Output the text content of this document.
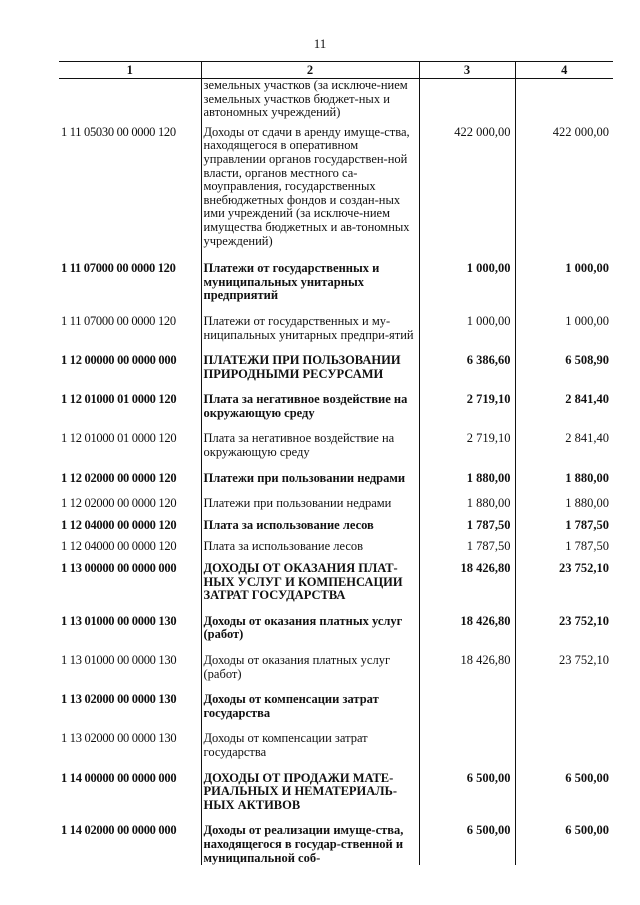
11
1	2	3	4
	земельных участков (за исключе-нием земельных участков бюджет-ных и автономных учреждений)		

1 11 05030 00 0000 120	Доходы от сдачи в аренду имуще-ства, находящегося в оперативном управлении органов государствен-ной власти, органов местного са-моуправления, государственных внебюджетных фондов и создан-ных ими учреждений (за исключе-нием имущества бюджетных и ав-тономных учреждений)	422 000,00	422 000,00

1 11 07000 00 0000 120	Платежи от государственных и муниципальных унитарных предприятий	1 000,00	1 000,00

1 11 07000 00 0000 120	Платежи от государственных и му-ниципальных унитарных предпри-ятий	1 000,00	1 000,00

1 12 00000 00 0000 000	ПЛАТЕЖИ ПРИ ПОЛЬЗОВАНИИ ПРИРОДНЫМИ РЕСУРСАМИ	6 386,60	6 508,90

1 12 01000 01 0000 120	Плата за негативное воздействие на окружающую среду	2 719,10	2 841,40

1 12 01000 01 0000 120	Плата за негативное воздействие на окружающую среду	2 719,10	2 841,40

1 12 02000 00 0000 120	Платежи при пользовании недрами	1 880,00	1 880,00

1 12 02000 00 0000 120	Платежи при пользовании недрами	1 880,00	1 880,00

1 12 04000 00 0000 120	Плата за использование лесов	1 787,50	1 787,50

1 12 04000 00 0000 120	Плата за использование лесов	1 787,50	1 787,50

1 13 00000 00 0000 000	ДОХОДЫ ОТ ОКАЗАНИЯ ПЛАТ-НЫХ УСЛУГ И КОМПЕНСАЦИИ ЗАТРАТ ГОСУДАРСТВА	18 426,80	23 752,10

1 13 01000 00 0000 130	Доходы от оказания платных услуг (работ)	18 426,80	23 752,10

1 13 01000 00 0000 130	Доходы от оказания платных услуг (работ)	18 426,80	23 752,10

1 13 02000 00 0000 130	Доходы от компенсации затрат государства		

1 13 02000 00 0000 130	Доходы от компенсации затрат государства		

1 14 00000 00 0000 000	ДОХОДЫ ОТ ПРОДАЖИ МАТЕ-РИАЛЬНЫХ И НЕМАТЕРИАЛЬ-НЫХ АКТИВОВ	6 500,00	6 500,00

1 14 02000 00 0000 000	Доходы от реализации имуще-ства, находящегося в государ-ственной и муниципальной соб-	6 500,00	6 500,00
